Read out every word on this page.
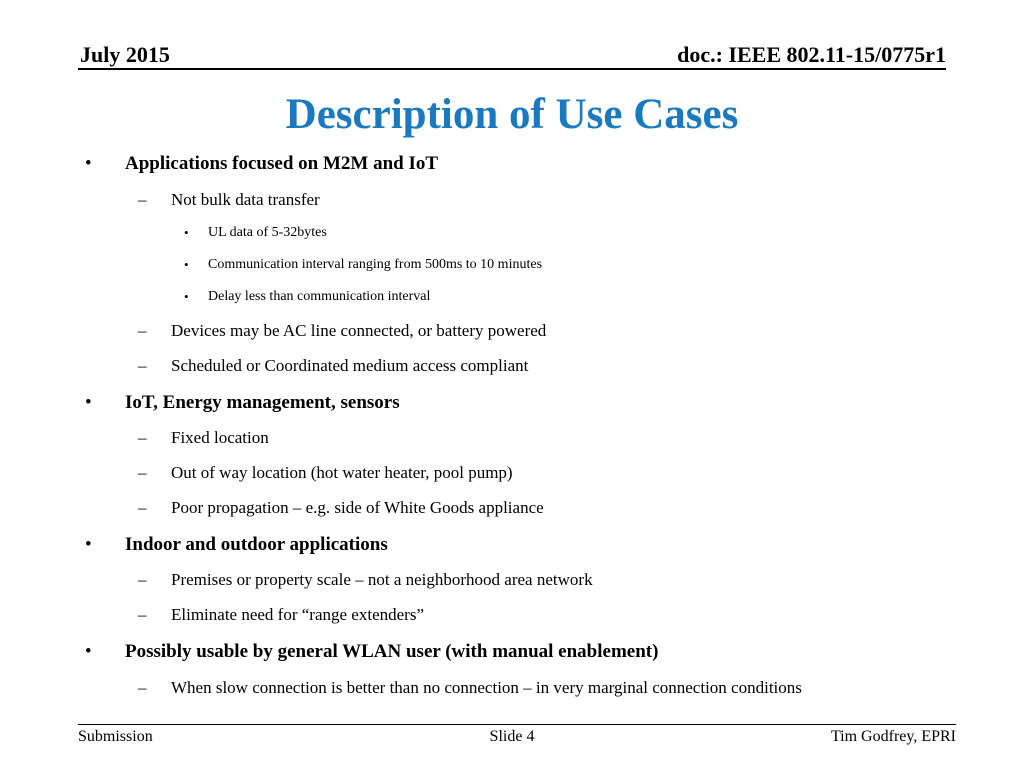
July 2015	doc.: IEEE 802.11-15/0775r1
Description of Use Cases
• Applications focused on M2M and IoT
– Not bulk data transfer
• UL data of 5-32bytes
• Communication interval ranging from 500ms to 10 minutes
• Delay less than communication interval
– Devices may be AC line connected, or battery powered
– Scheduled or Coordinated medium access compliant
• IoT, Energy management, sensors
– Fixed location
– Out of way location (hot water heater, pool pump)
– Poor propagation – e.g. side of White Goods appliance
• Indoor and outdoor applications
– Premises or property scale – not a neighborhood area network
– Eliminate need for “range extenders”
• Possibly usable by general WLAN user (with manual enablement)
– When slow connection is better than no connection – in very marginal connection conditions
Submission	Slide 4	Tim Godfrey, EPRI
